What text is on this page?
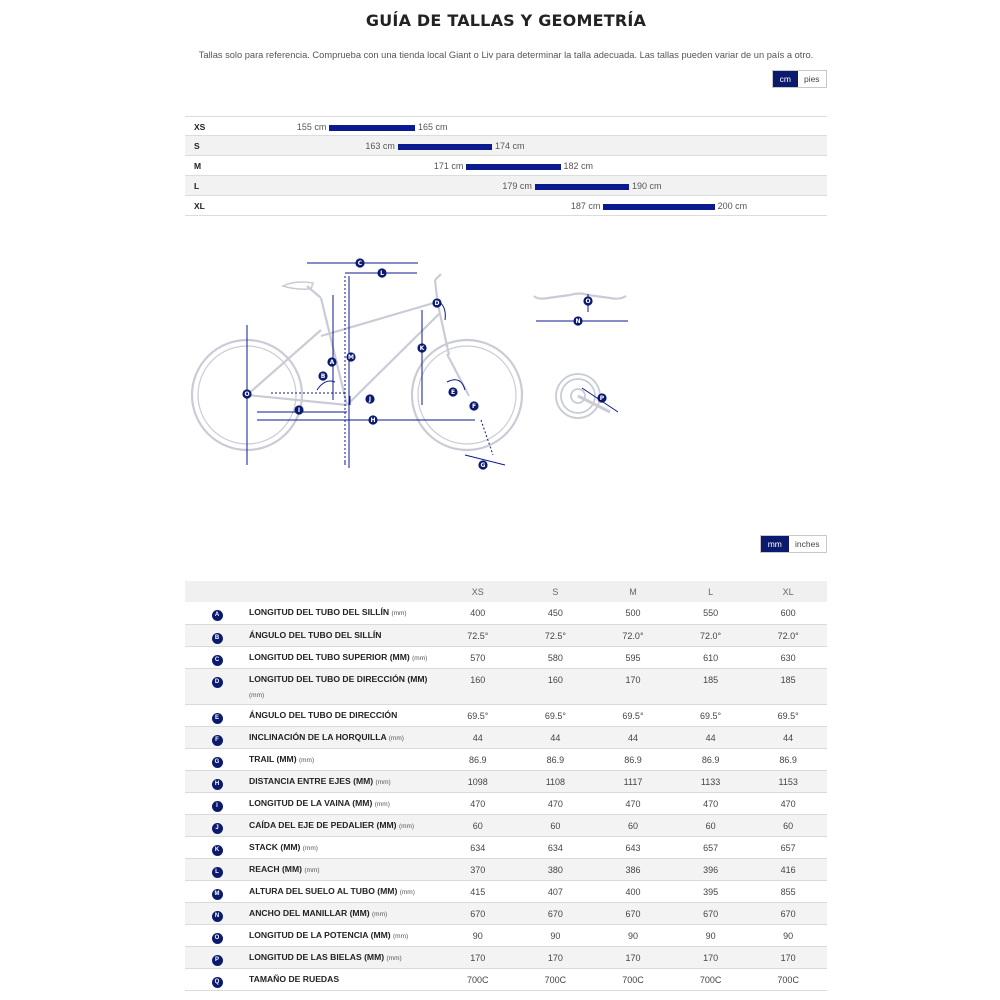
GUÍA DE TALLAS Y GEOMETRÍA
Tallas solo para referencia. Comprueba con una tienda local Giant o Liv para determinar la talla adecuada. Las tallas pueden variar de un país a otro.
cm	pies
XS	155 cm	165 cm
S	163 cm	174 cm
M	171 cm	182 cm
L	179 cm	190 cm
XL	187 cm	200 cm
C
L
A
B
M
D
K
E
F
O
I
J
H
G
O
N
P
mm	inches
		XS	S	M	L	XL
A	LONGITUD DEL TUBO DEL SILLÍN (mm)	400	450	500	550	600
B	ÁNGULO DEL TUBO DEL SILLÍN	72.5°	72.5°	72.0°	72.0°	72.0°
C	LONGITUD DEL TUBO SUPERIOR (MM) (mm)	570	580	595	610	630
D	LONGITUD DEL TUBO DE DIRECCIÓN (MM) (mm)	160	160	170	185	185
E	ÁNGULO DEL TUBO DE DIRECCIÓN	69.5°	69.5°	69.5°	69.5°	69.5°
F	INCLINACIÓN DE LA HORQUILLA (mm)	44	44	44	44	44
G	TRAIL (MM) (mm)	86.9	86.9	86.9	86.9	86.9
H	DISTANCIA ENTRE EJES (MM) (mm)	1098	1108	1117	1133	1153
I	LONGITUD DE LA VAINA (MM) (mm)	470	470	470	470	470
J	CAÍDA DEL EJE DE PEDALIER (MM) (mm)	60	60	60	60	60
K	STACK (MM) (mm)	634	634	643	657	657
L	REACH (MM) (mm)	370	380	386	396	416
M	ALTURA DEL SUELO AL TUBO (MM) (mm)	415	407	400	395	855
N	ANCHO DEL MANILLAR (MM) (mm)	670	670	670	670	670
O	LONGITUD DE LA POTENCIA (MM) (mm)	90	90	90	90	90
P	LONGITUD DE LAS BIELAS (MM) (mm)	170	170	170	170	170
Q	TAMAÑO DE RUEDAS	700C	700C	700C	700C	700C
